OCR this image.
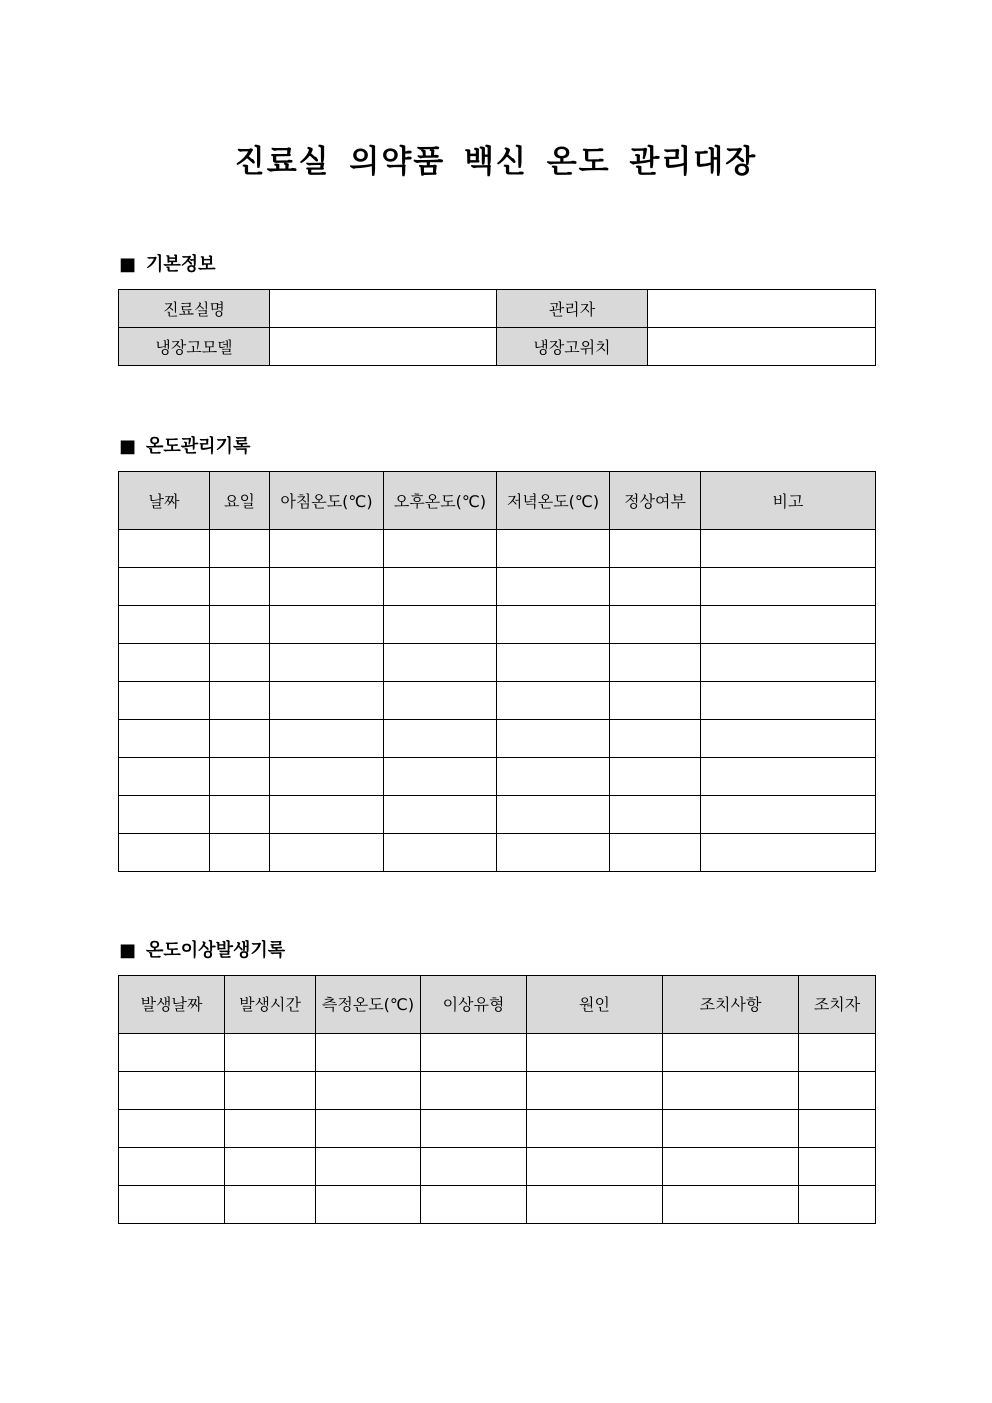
진료실 의약품 백신 온도 관리대장
■ 기본정보
진료실명		관리자	
냉장고모델		냉장고위치	
■ 온도관리기록
날짜	요일	아침온도(℃)	오후온도(℃)	저녁온도(℃)	정상여부	비고

■ 온도이상발생기록
발생날짜	발생시간	측정온도(℃)	이상유형	원인	조치사항	조치자
